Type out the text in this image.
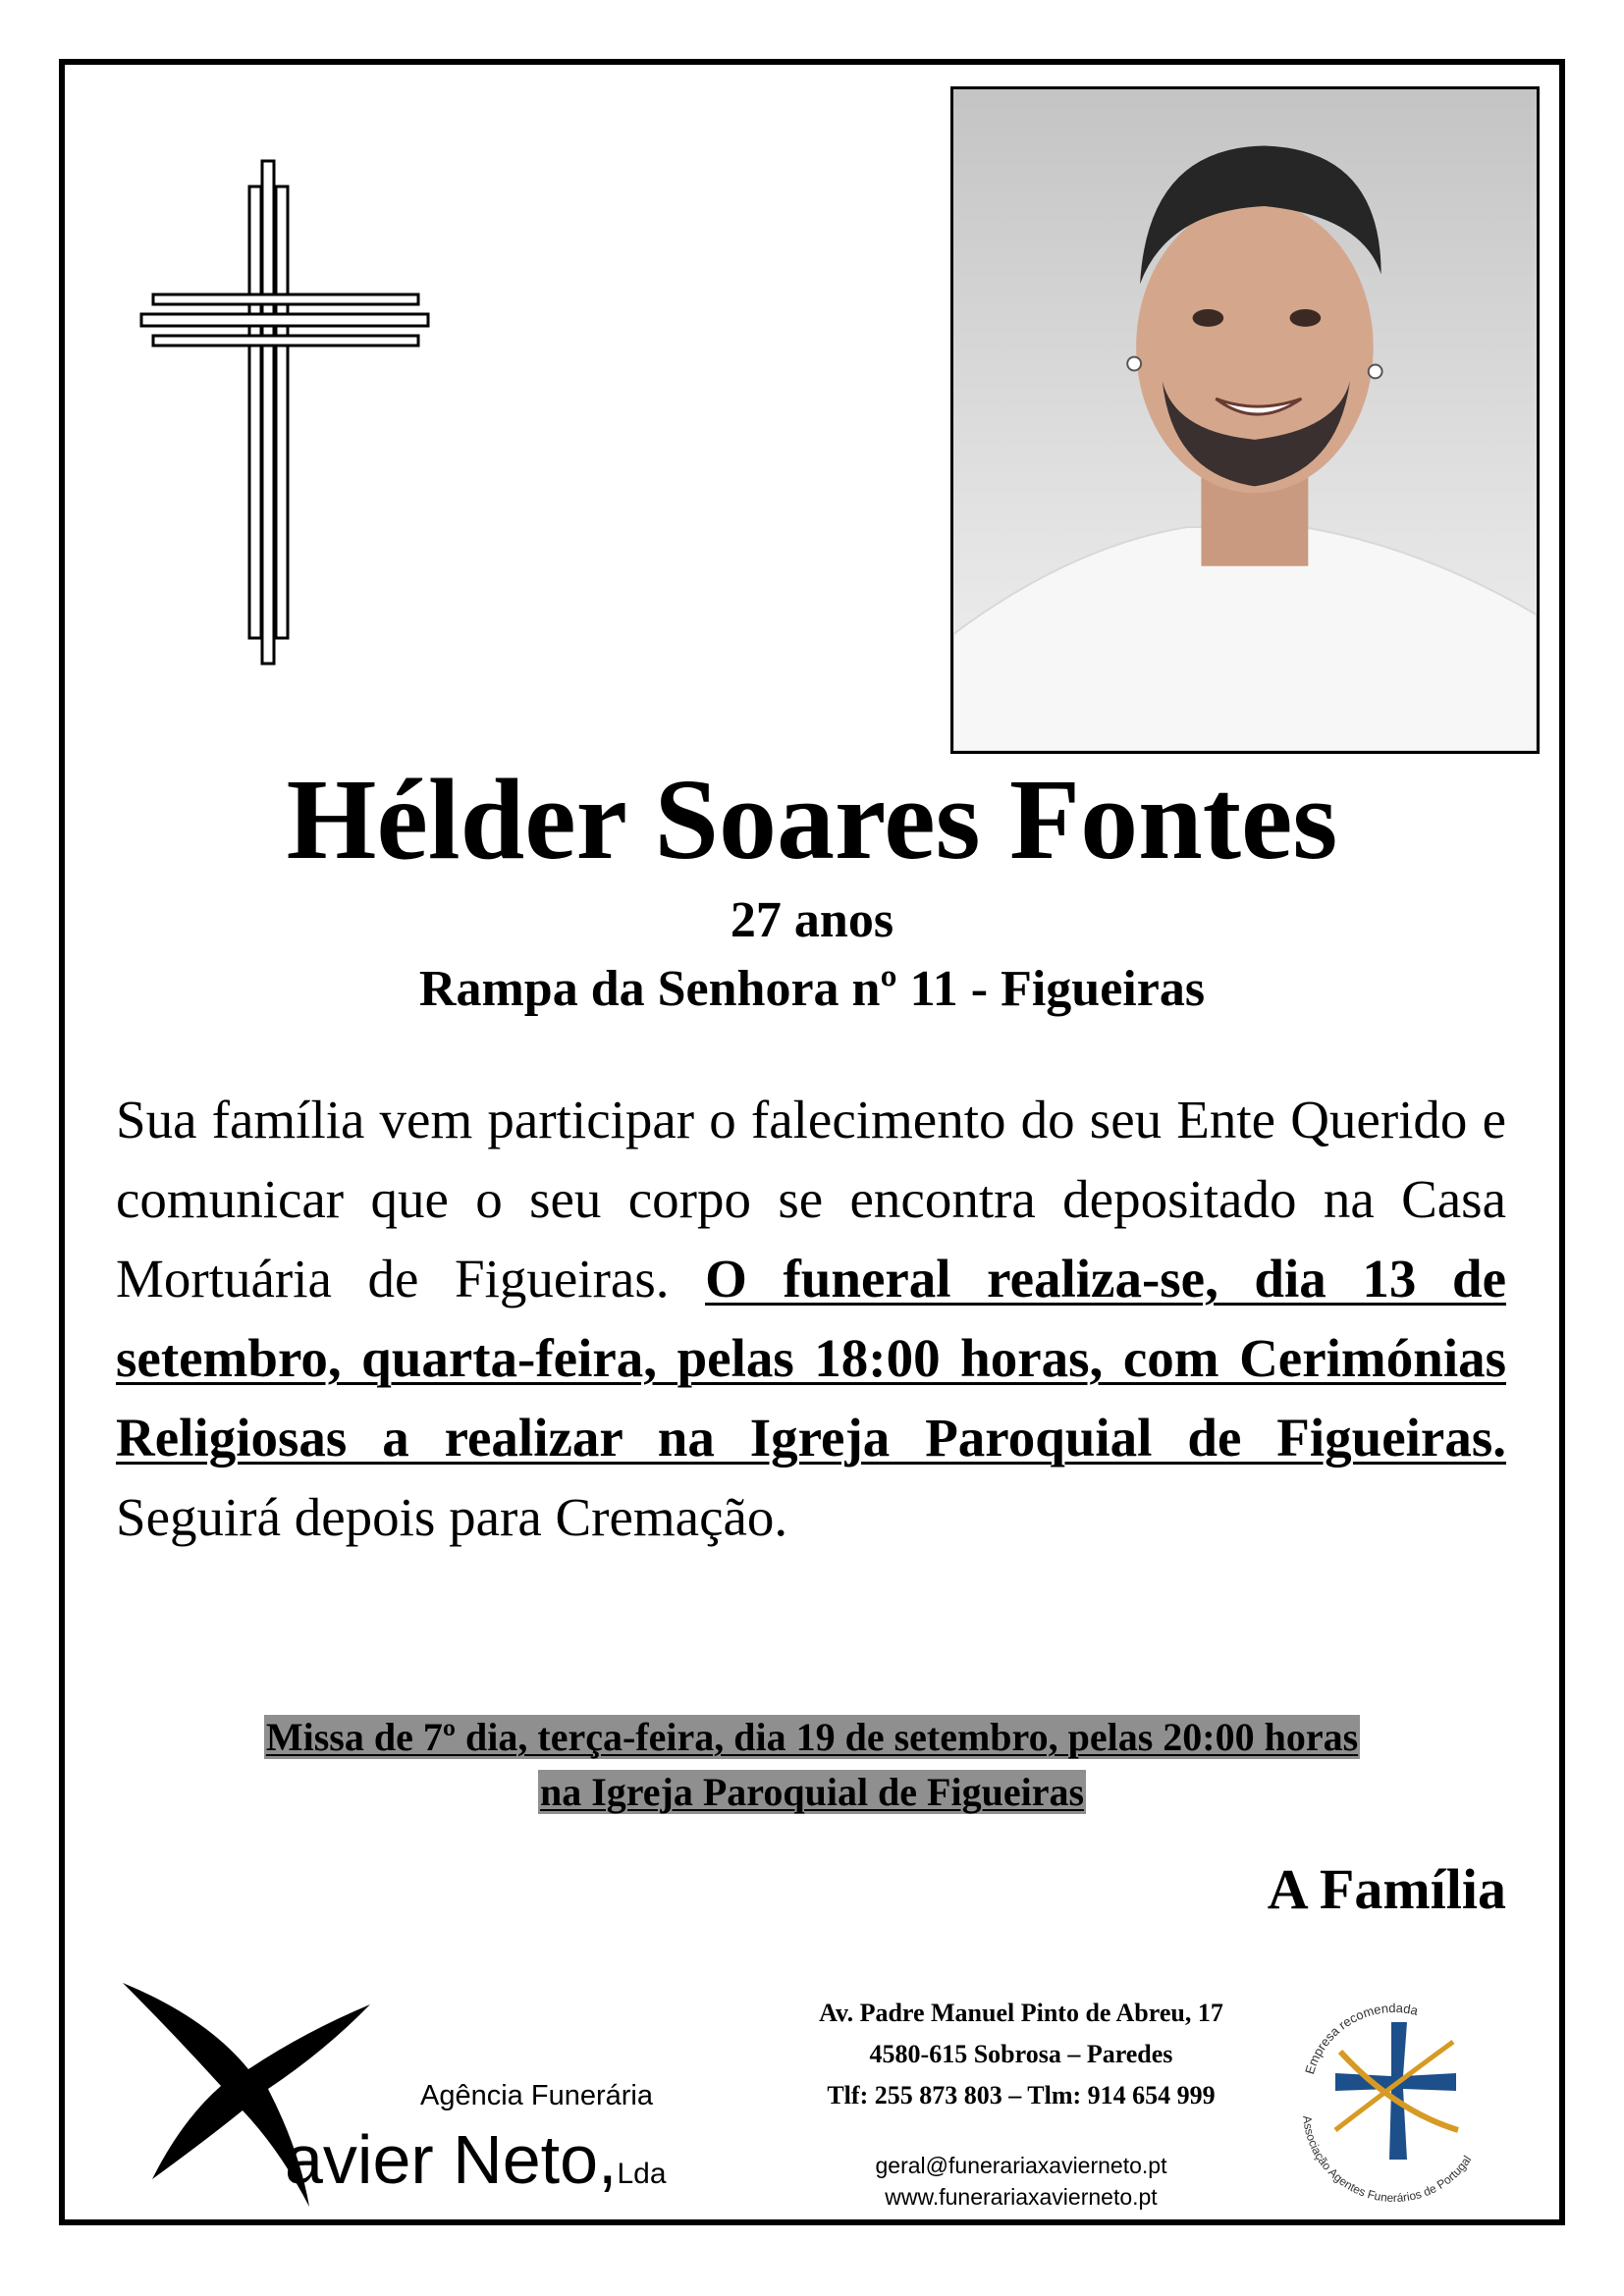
Hélder Soares Fontes
27 anos
Rampa da Senhora nº 11 - Figueiras
Sua família vem participar o falecimento do seu Ente Querido e comunicar que o seu corpo se encontra depositado na Casa Mortuária de Figueiras. O funeral realiza-se, dia 13 de setembro, quarta-feira, pelas 18:00 horas, com Cerimónias Religiosas a realizar na Igreja Paroquial de Figueiras. Seguirá depois para Cremação.
Missa de 7º dia, terça-feira, dia 19 de setembro, pelas 20:00 horas
na Igreja Paroquial de Figueiras
A Família
Agência Funerária
avier Neto,Lda
Av. Padre Manuel Pinto de Abreu, 17
4580-615 Sobrosa – Paredes
Tlf: 255 873 803 – Tlm: 914 654 999
geral@funerariaxavierneto.pt
www.funerariaxavierneto.pt
Empresa recomendada
Associação Agentes Funerários de Portugal
